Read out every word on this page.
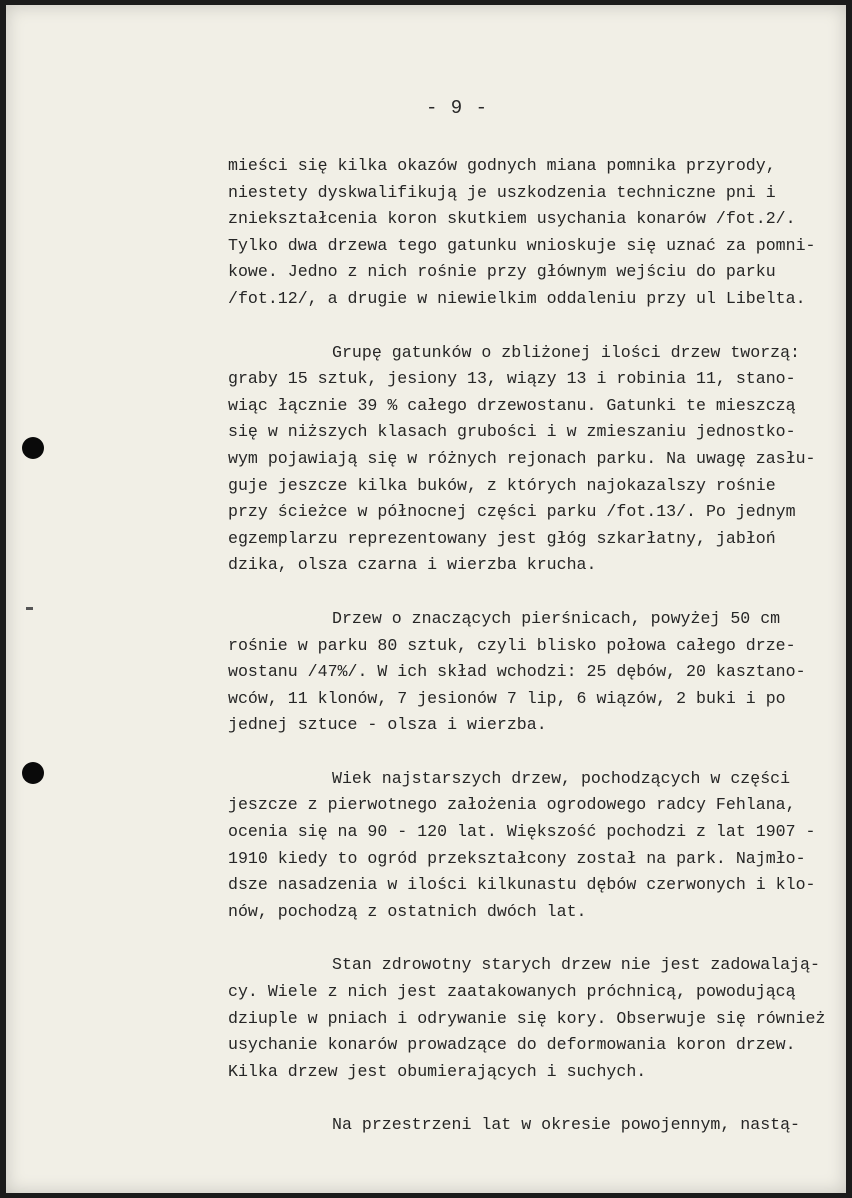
- 9 -
mieści się kilka okazów godnych miana pomnika przyrody,
niestety dyskwalifikują je uszkodzenia techniczne pni i
zniekształcenia koron skutkiem usychania konarów /fot.2/.
Tylko dwa drzewa tego gatunku wnioskuje się uznać za pomni-
kowe. Jedno z nich rośnie przy głównym wejściu do parku
/fot.12/, a drugie w niewielkim oddaleniu przy ul Libelta.
Grupę gatunków o zbliżonej ilości drzew tworzą:
graby 15 sztuk, jesiony 13, wiązy 13 i robinia 11, stano-
wiąc łącznie 39 % całego drzewostanu. Gatunki te mieszczą
się w niższych klasach grubości i w zmieszaniu jednostko-
wym pojawiają się w różnych rejonach parku. Na uwagę zasłu-
guje jeszcze kilka buków, z których najokazalszy rośnie
przy ścieżce w północnej części parku /fot.13/. Po jednym
egzemplarzu reprezentowany jest głóg szkarłatny, jabłoń
dzika, olsza czarna i wierzba krucha.
Drzew o znaczących pierśnicach, powyżej 50 cm
rośnie w parku 80 sztuk, czyli blisko połowa całego drze-
wostanu /47%/. W ich skład wchodzi: 25 dębów, 20 kasztano-
wców, 11 klonów, 7 jesionów 7 lip, 6 wiązów, 2 buki i po
jednej sztuce - olsza i wierzba.
Wiek najstarszych drzew, pochodzących w części
jeszcze z pierwotnego założenia ogrodowego radcy Fehlana,
ocenia się na 90 - 120 lat. Większość pochodzi z lat 1907 -
1910 kiedy to ogród przekształcony został na park. Najmło-
dsze nasadzenia w ilości kilkunastu dębów czerwonych i klo-
nów, pochodzą z ostatnich dwóch lat.
Stan zdrowotny starych drzew nie jest zadowalają-
cy. Wiele z nich jest zaatakowanych próchnicą, powodującą
dziuple w pniach i odrywanie się kory. Obserwuje się również
usychanie konarów prowadzące do deformowania koron drzew.
Kilka drzew jest obumierających i suchych.
Na przestrzeni lat w okresie powojennym, nastą-
